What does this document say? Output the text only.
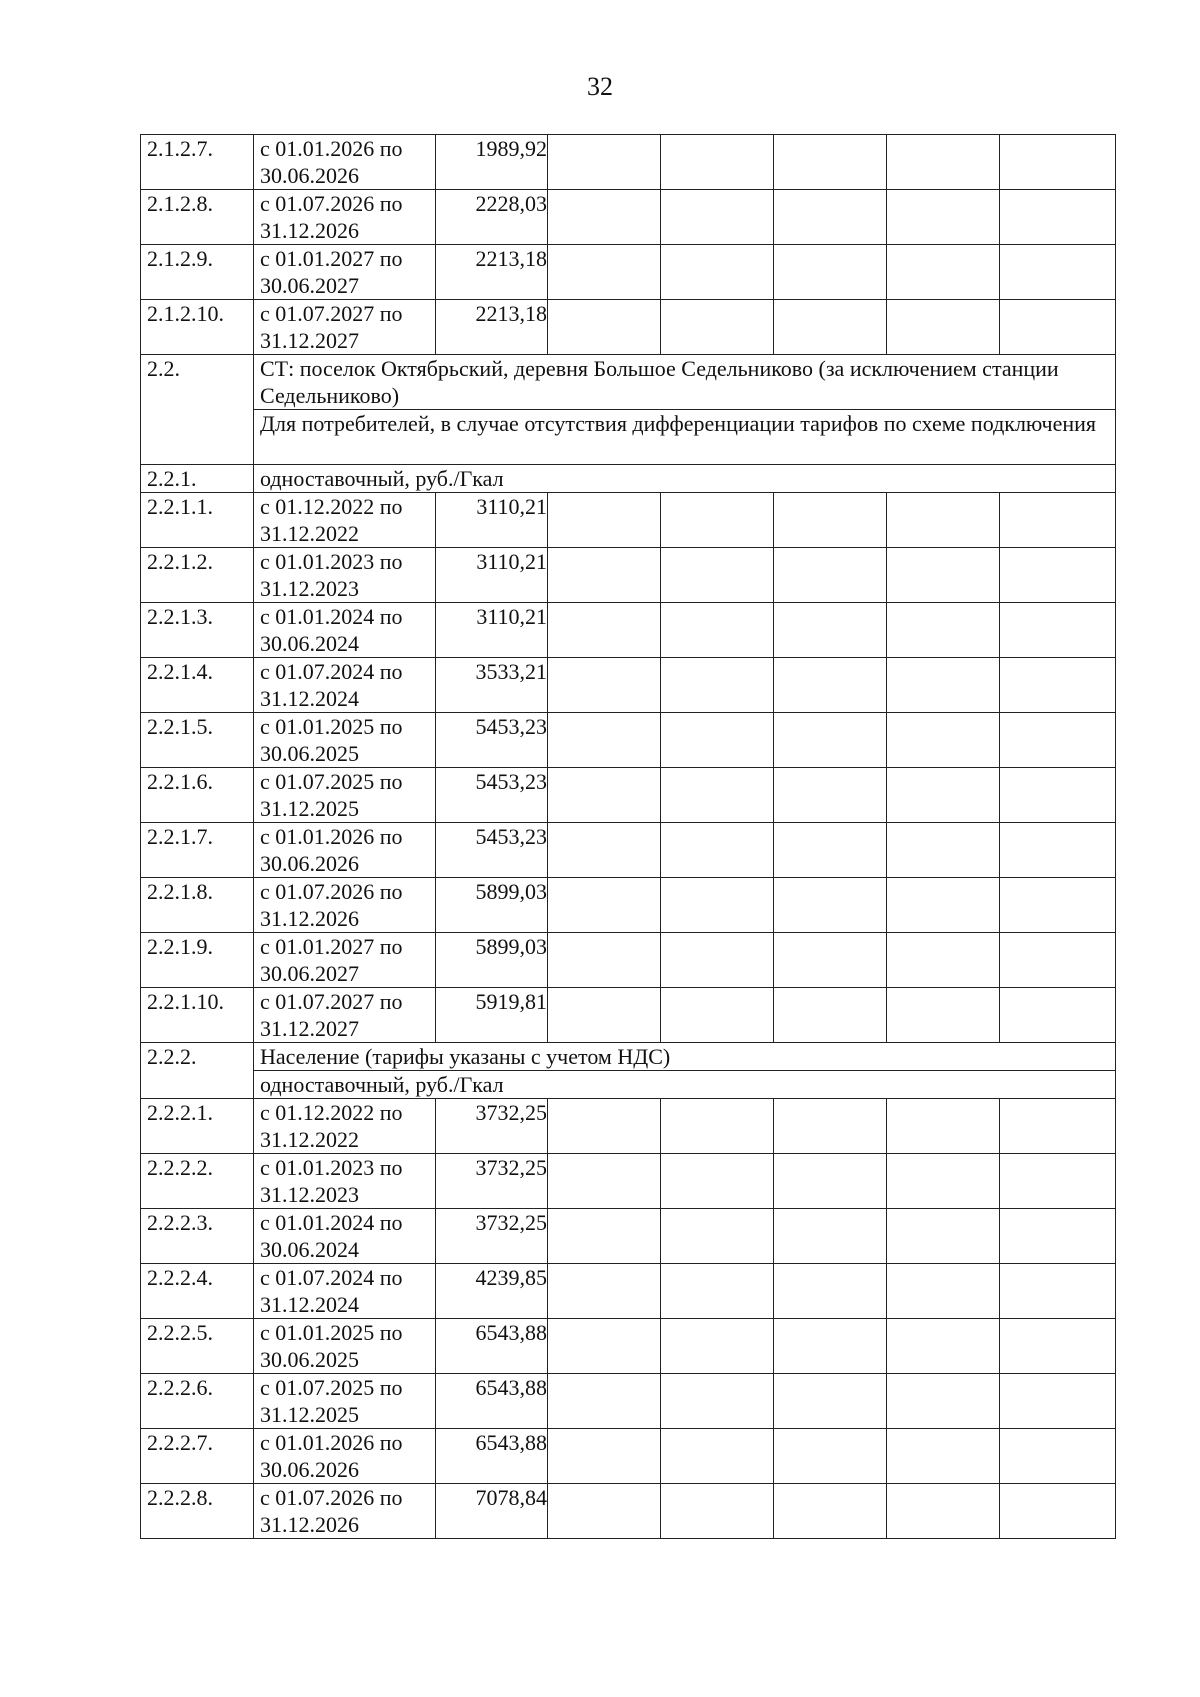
32
2.1.2.7.	с 01.01.2026 по 30.06.2026	1989,92					
2.1.2.8.	с 01.07.2026 по 31.12.2026	2228,03					
2.1.2.9.	с 01.01.2027 по 30.06.2027	2213,18					
2.1.2.10.	с 01.07.2027 по 31.12.2027	2213,18					
2.2.	СТ: поселок Октябрьский, деревня Большое Седельниково (за исключением станции Седельниково)						
	Для потребителей, в случае отсутствия дифференциации тарифов по схеме подключения						
2.2.1.	одноставочный, руб./Гкал						
2.2.1.1.	с 01.12.2022 по 31.12.2022	3110,21					
2.2.1.2.	с 01.01.2023 по 31.12.2023	3110,21					
2.2.1.3.	с 01.01.2024 по 30.06.2024	3110,21					
2.2.1.4.	с 01.07.2024 по 31.12.2024	3533,21					
2.2.1.5.	с 01.01.2025 по 30.06.2025	5453,23					
2.2.1.6.	с 01.07.2025 по 31.12.2025	5453,23					
2.2.1.7.	с 01.01.2026 по 30.06.2026	5453,23					
2.2.1.8.	с 01.07.2026 по 31.12.2026	5899,03					
2.2.1.9.	с 01.01.2027 по 30.06.2027	5899,03					
2.2.1.10.	с 01.07.2027 по 31.12.2027	5919,81					
2.2.2.	Население (тарифы указаны с учетом НДС)						
	одноставочный, руб./Гкал						
2.2.2.1.	с 01.12.2022 по 31.12.2022	3732,25					
2.2.2.2.	с 01.01.2023 по 31.12.2023	3732,25					
2.2.2.3.	с 01.01.2024 по 30.06.2024	3732,25					
2.2.2.4.	с 01.07.2024 по 31.12.2024	4239,85					
2.2.2.5.	с 01.01.2025 по 30.06.2025	6543,88					
2.2.2.6.	с 01.07.2025 по 31.12.2025	6543,88					
2.2.2.7.	с 01.01.2026 по 30.06.2026	6543,88					
2.2.2.8.	с 01.07.2026 по 31.12.2026	7078,84					
